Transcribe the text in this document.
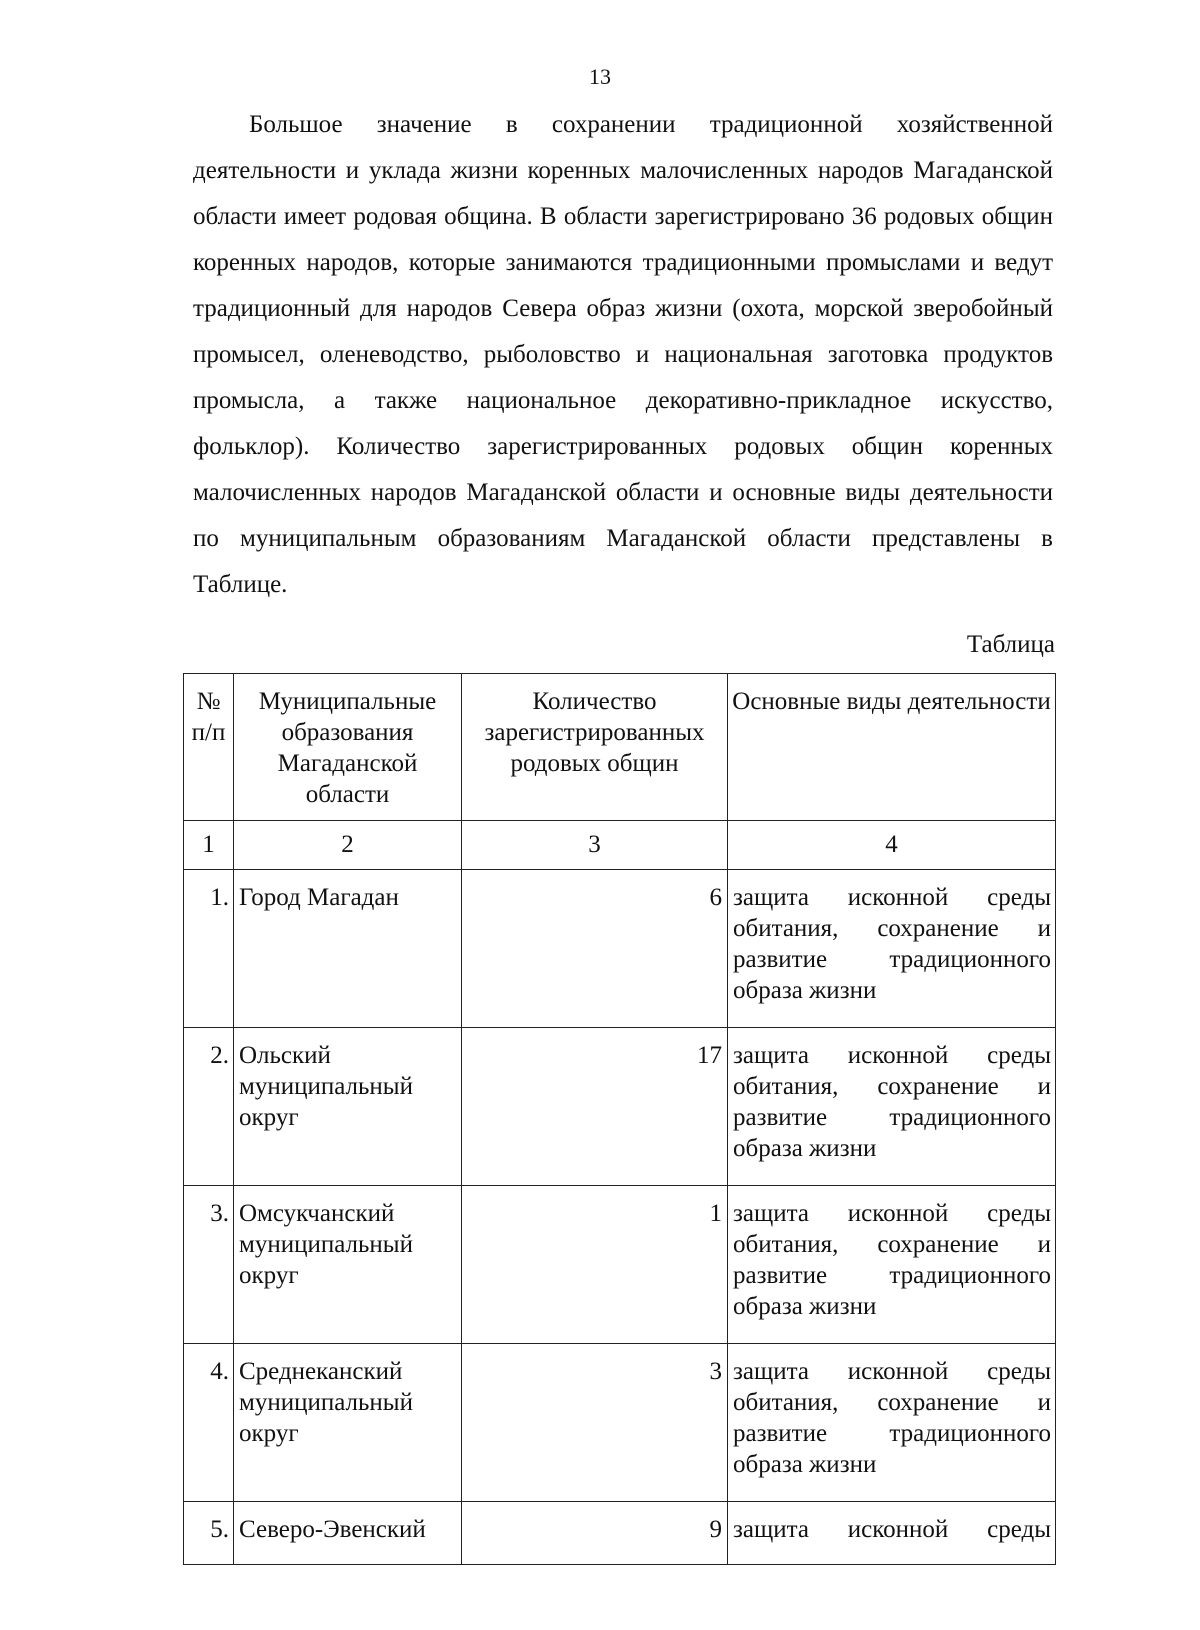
13

Большое значение в сохранении традиционной хозяйственной деятельности и уклада жизни коренных малочисленных народов Магаданской области имеет родовая община. В области зарегистрировано 36 родовых общин коренных народов, которые занимаются традиционными промыслами и ведут традиционный для народов Севера образ жизни (охота, морской зверобойный промысел, оленеводство, рыболовство и национальная заготовка продуктов промысла, а также национальное декоративно-прикладное искусство, фольклор). Количество зарегистрированных родовых общин коренных малочисленных народов Магаданской области и основные виды деятельности по муниципальным образованиям Магаданской области представлены в Таблице.

Таблица
№ п/п	Муниципальные образования Магаданской области	Количество зарегистрированных родовых общин	Основные виды деятельности
1	2	3	4
1.	Город Магадан	6	защита исконной среды обитания, сохранение и развитие традиционного образа жизни
2.	Ольский муниципальный округ	17	защита исконной среды обитания, сохранение и развитие традиционного образа жизни
3.	Омсукчанский муниципальный округ	1	защита исконной среды обитания, сохранение и развитие традиционного образа жизни
4.	Среднеканский муниципальный округ	3	защита исконной среды обитания, сохранение и развитие традиционного образа жизни
5.	Северо-Эвенский	9	защита исконной среды
